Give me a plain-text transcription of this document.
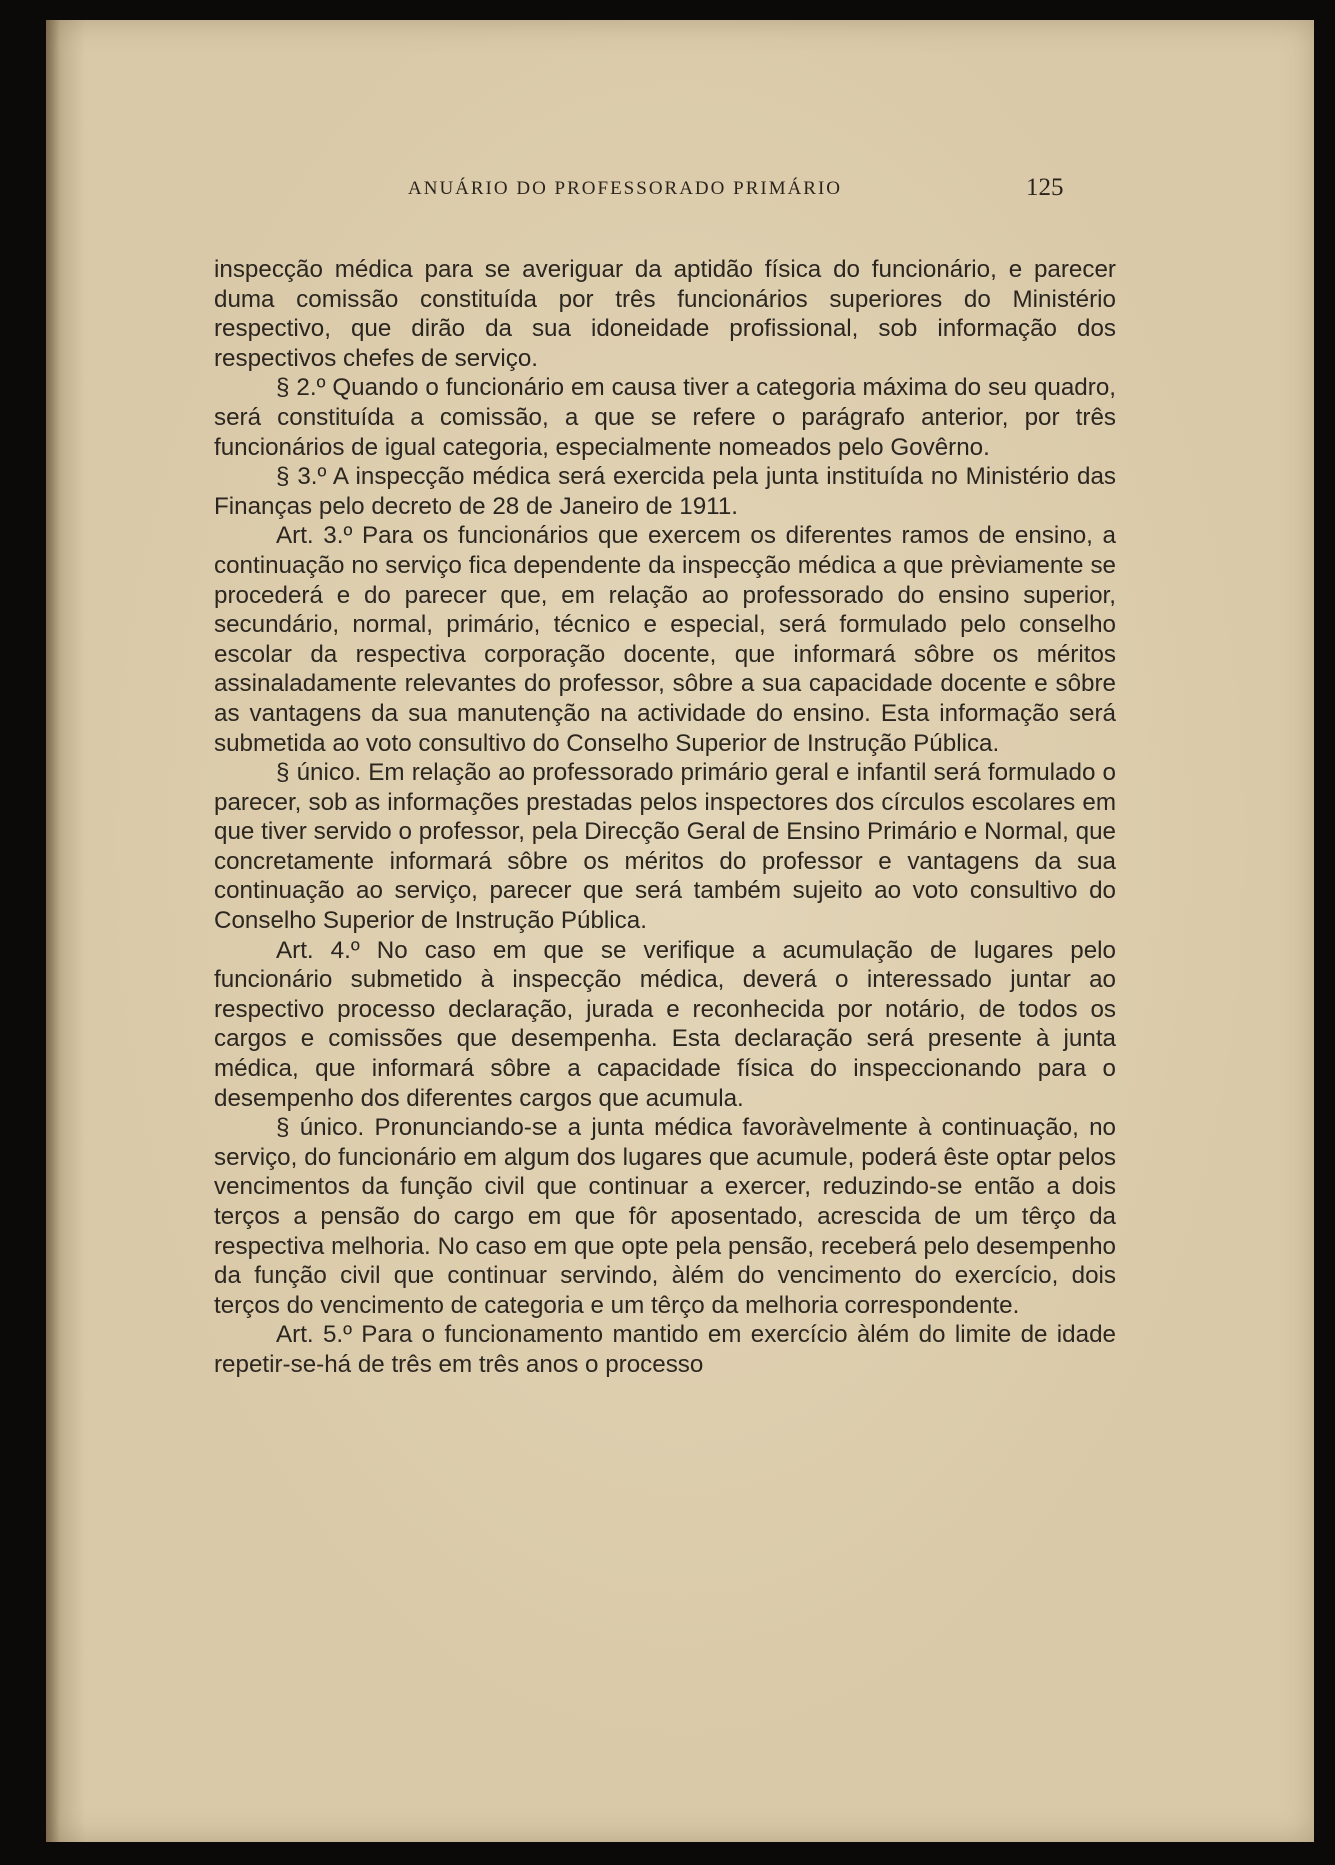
ANUÁRIO DO PROFESSORADO PRIMÁRIO	125

inspecção médica para se averiguar da aptidão física do funcionário, e parecer duma comissão constituída por três funcionários superiores do Ministério respectivo, que dirão da sua idoneidade profissional, sob informação dos respectivos chefes de serviço.

§ 2.º Quando o funcionário em causa tiver a categoria máxima do seu quadro, será constituída a comissão, a que se refere o parágrafo anterior, por três funcionários de igual categoria, especialmente nomeados pelo Govêrno.

§ 3.º A inspecção médica será exercida pela junta instituída no Ministério das Finanças pelo decreto de 28 de Janeiro de 1911.

Art. 3.º Para os funcionários que exercem os diferentes ramos de ensino, a continuação no serviço fica dependente da inspecção médica a que prèviamente se procederá e do parecer que, em relação ao professorado do ensino superior, secundário, normal, primário, técnico e especial, será formulado pelo conselho escolar da respectiva corporação docente, que informará sôbre os méritos assinaladamente relevantes do professor, sôbre a sua capacidade docente e sôbre as vantagens da sua manutenção na actividade do ensino. Esta informação será submetida ao voto consultivo do Conselho Superior de Instrução Pública.

§ único. Em relação ao professorado primário geral e infantil será formulado o parecer, sob as informações prestadas pelos inspectores dos círculos escolares em que tiver servido o professor, pela Direcção Geral de Ensino Primário e Normal, que concretamente informará sôbre os méritos do professor e vantagens da sua continuação ao serviço, parecer que será também sujeito ao voto consultivo do Conselho Superior de Instrução Pública.

Art. 4.º No caso em que se verifique a acumulação de lugares pelo funcionário submetido à inspecção médica, deverá o interessado juntar ao respectivo processo declaração, jurada e reconhecida por notário, de todos os cargos e comissões que desempenha. Esta declaração será presente à junta médica, que informará sôbre a capacidade física do inspeccionando para o desempenho dos diferentes cargos que acumula.

§ único. Pronunciando-se a junta médica favoràvelmente à continuação, no serviço, do funcionário em algum dos lugares que acumule, poderá êste optar pelos vencimentos da função civil que continuar a exercer, reduzindo-se então a dois terços a pensão do cargo em que fôr aposentado, acrescida de um têrço da respectiva melhoria. No caso em que opte pela pensão, receberá pelo desempenho da função civil que continuar servindo, àlém do vencimento do exercício, dois terços do vencimento de categoria e um têrço da melhoria correspondente.

Art. 5.º Para o funcionamento mantido em exercício àlém do limite de idade repetir-se-há de três em três anos o processo
